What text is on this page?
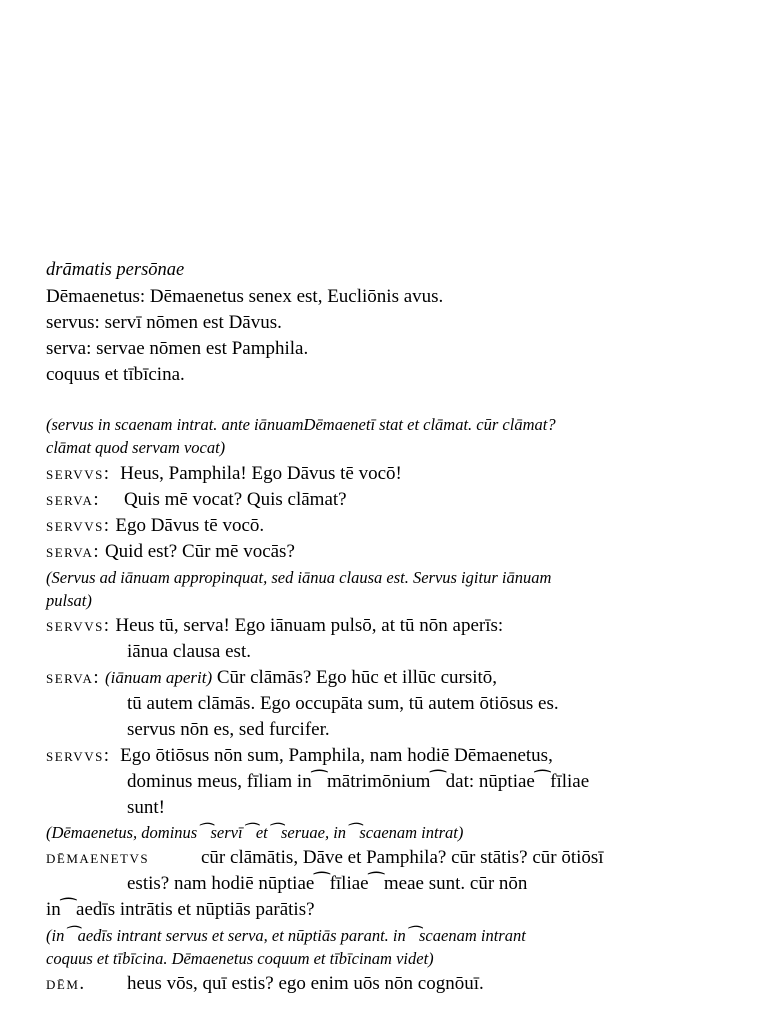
drāmatis persōnae
Dēmaenetus: Dēmaenetus senex est, Eucliōnis avus.
servus: servī nōmen est Dāvus.
serva: servae nōmen est Pamphila.
coquus et tībīcina.
(servus in scaenam intrat. ante iānuamDēmaenetī stat et clāmat. cūr clāmat?
clāmat quod servam vocat)
servvs: Heus, Pamphila! Ego Dāvus tē vocō!
serva: Quis mē vocat? Quis clāmat?
servvs: Ego Dāvus tē vocō.
serva: Quid est? Cūr mē vocās?
(Servus ad iānuam appropinquat, sed iānua clausa est. Servus igitur iānuam
pulsat)
servvs: Heus tū, serva! Ego iānuam pulsō, at tū nōn aperīs:
iānua clausa est.
serva: (iānuam aperit) Cūr clāmās? Ego hūc et illūc cursitō,
tū autem clāmās. Ego occupāta sum, tū autem ōtiōsus es.
servus nōn es, sed furcifer.
servvs: Ego ōtiōsus nōn sum, Pamphila, nam hodiē Dēmaenetus,
dominus meus, fīliam in⁀mātrimōnium⁀dat: nūptiae⁀fīliae
sunt!
(Dēmaenetus, dominus⁀servī⁀et⁀seruae, in⁀scaenam intrat)
dēmaenetvs	cūr clāmātis, Dāve et Pamphila? cūr stātis? cūr ōtiōsī
estis? nam hodiē nūptiae⁀fīliae⁀meae sunt. cūr nōn
in⁀aedīs intrātis et nūptiās parātis?
(in⁀aedīs intrant servus et serva, et nūptiās parant. in⁀scaenam intrant
coquus et tībīcina. Dēmaenetus coquum et tībīcinam videt)
dēm. heus vōs, quī estis? ego enim uōs nōn cognōuī.
